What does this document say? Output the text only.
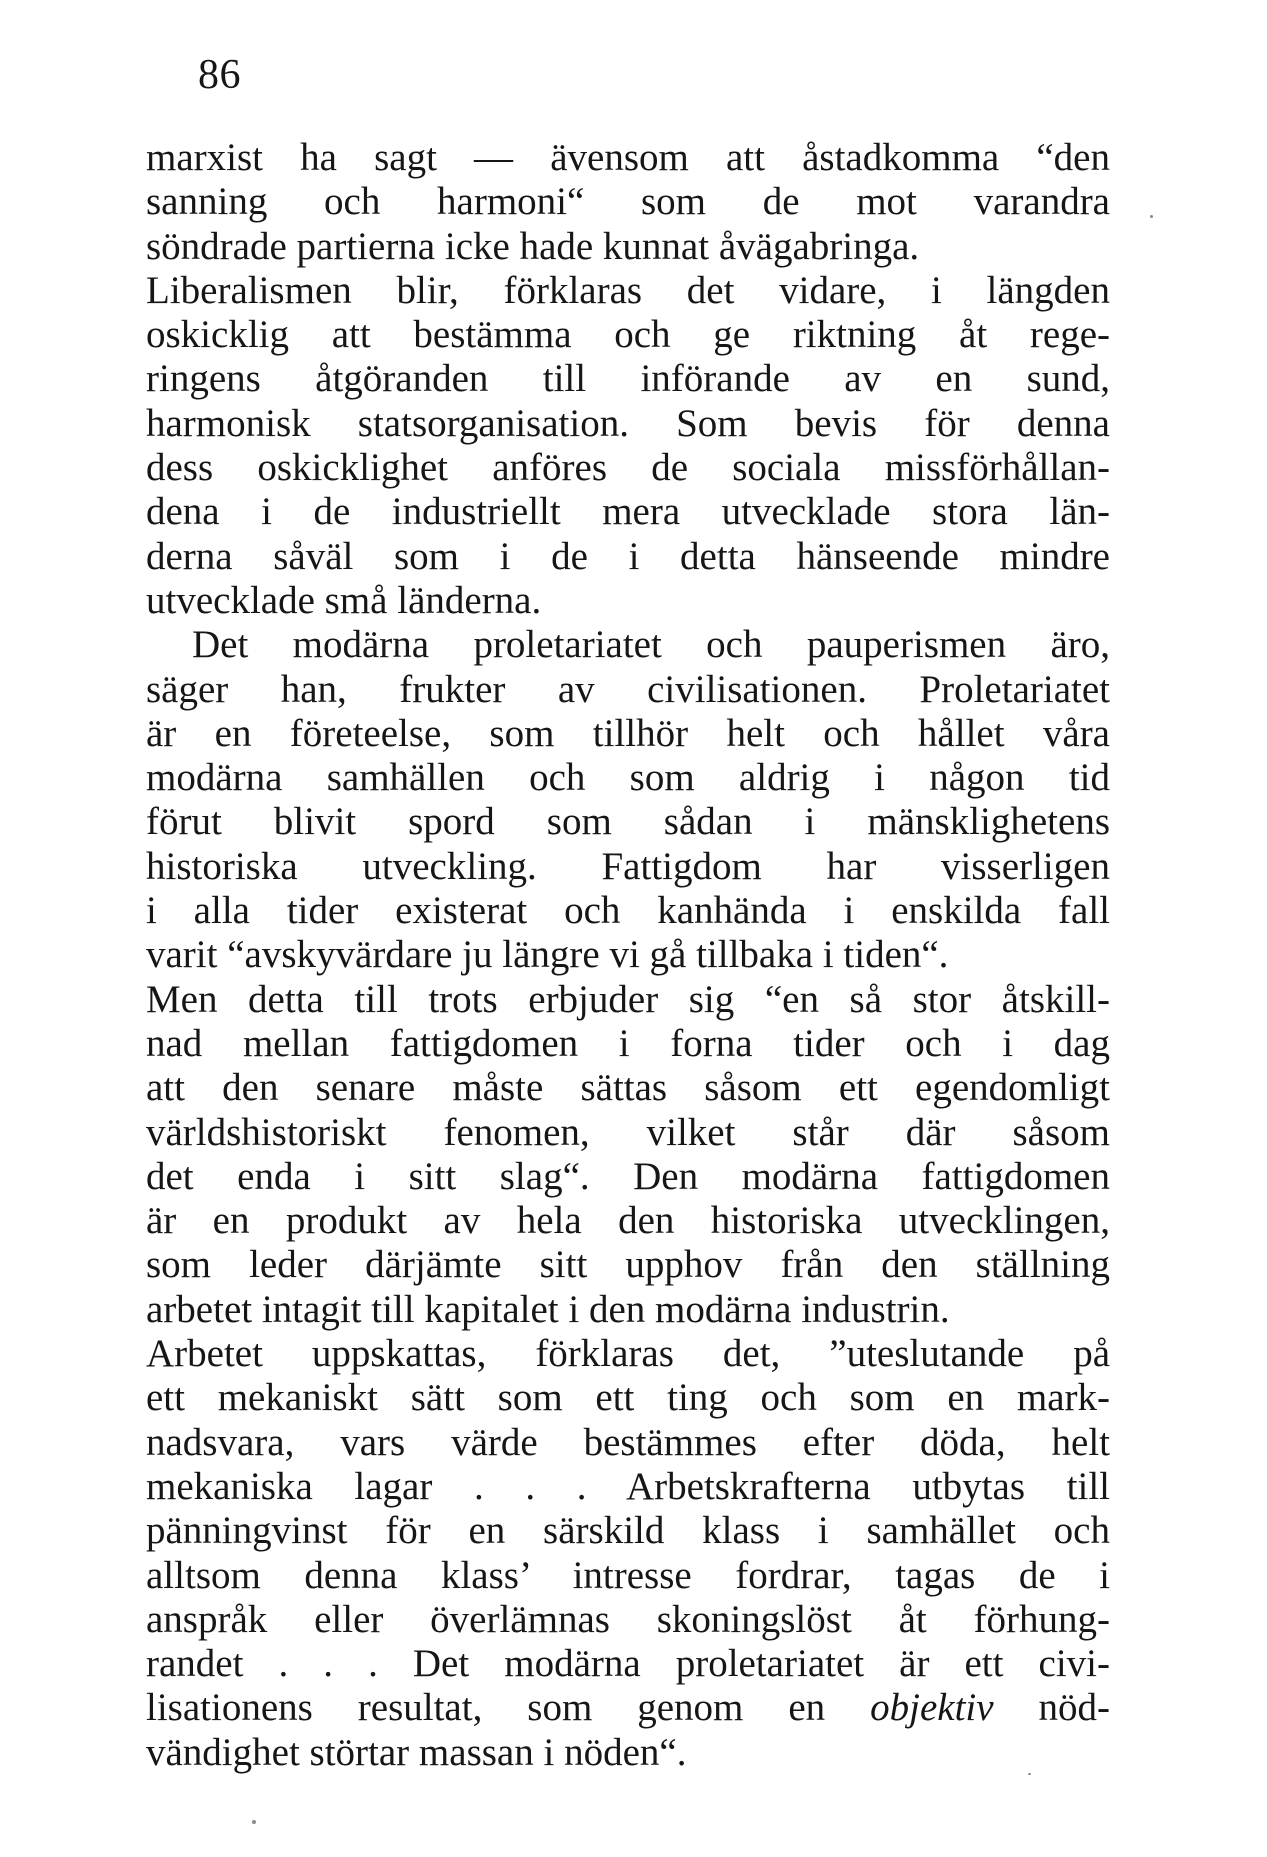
86
marxist ha sagt — ävensom att åstadkomma “den
sanning och harmoni“ som de mot varandra
söndrade partierna icke hade kunnat åvägabringa.
Liberalismen blir, förklaras det vidare, i längden
oskicklig att bestämma och ge riktning åt rege-
ringens åtgöranden till införande av en sund,
harmonisk statsorganisation. Som bevis för denna
dess oskicklighet anföres de sociala missförhållan-
dena i de industriellt mera utvecklade stora län-
derna såväl som i de i detta hänseende mindre
utvecklade små länderna.
Det modärna proletariatet och pauperismen äro,
säger han, frukter av civilisationen. Proletariatet
är en företeelse, som tillhör helt och hållet våra
modärna samhällen och som aldrig i någon tid
förut blivit spord som sådan i mänsklighetens
historiska utveckling. Fattigdom har visserligen
i alla tider existerat och kanhända i enskilda fall
varit “avskyvärdare ju längre vi gå tillbaka i tiden“.
Men detta till trots erbjuder sig “en så stor åtskill-
nad mellan fattigdomen i forna tider och i dag
att den senare måste sättas såsom ett egendomligt
världshistoriskt fenomen, vilket står där såsom
det enda i sitt slag“. Den modärna fattigdomen
är en produkt av hela den historiska utvecklingen,
som leder därjämte sitt upphov från den ställning
arbetet intagit till kapitalet i den modärna industrin.
Arbetet uppskattas, förklaras det, ”uteslutande på
ett mekaniskt sätt som ett ting och som en mark-
nadsvara, vars värde bestämmes efter döda, helt
mekaniska lagar . . . Arbetskrafterna utbytas till
pänningvinst för en särskild klass i samhället och
alltsom denna klass’ intresse fordrar, tagas de i
anspråk eller överlämnas skoningslöst åt förhung-
randet . . . Det modärna proletariatet är ett civi-
lisationens resultat, som genom en objektiv nöd-
vändighet störtar massan i nöden“.
